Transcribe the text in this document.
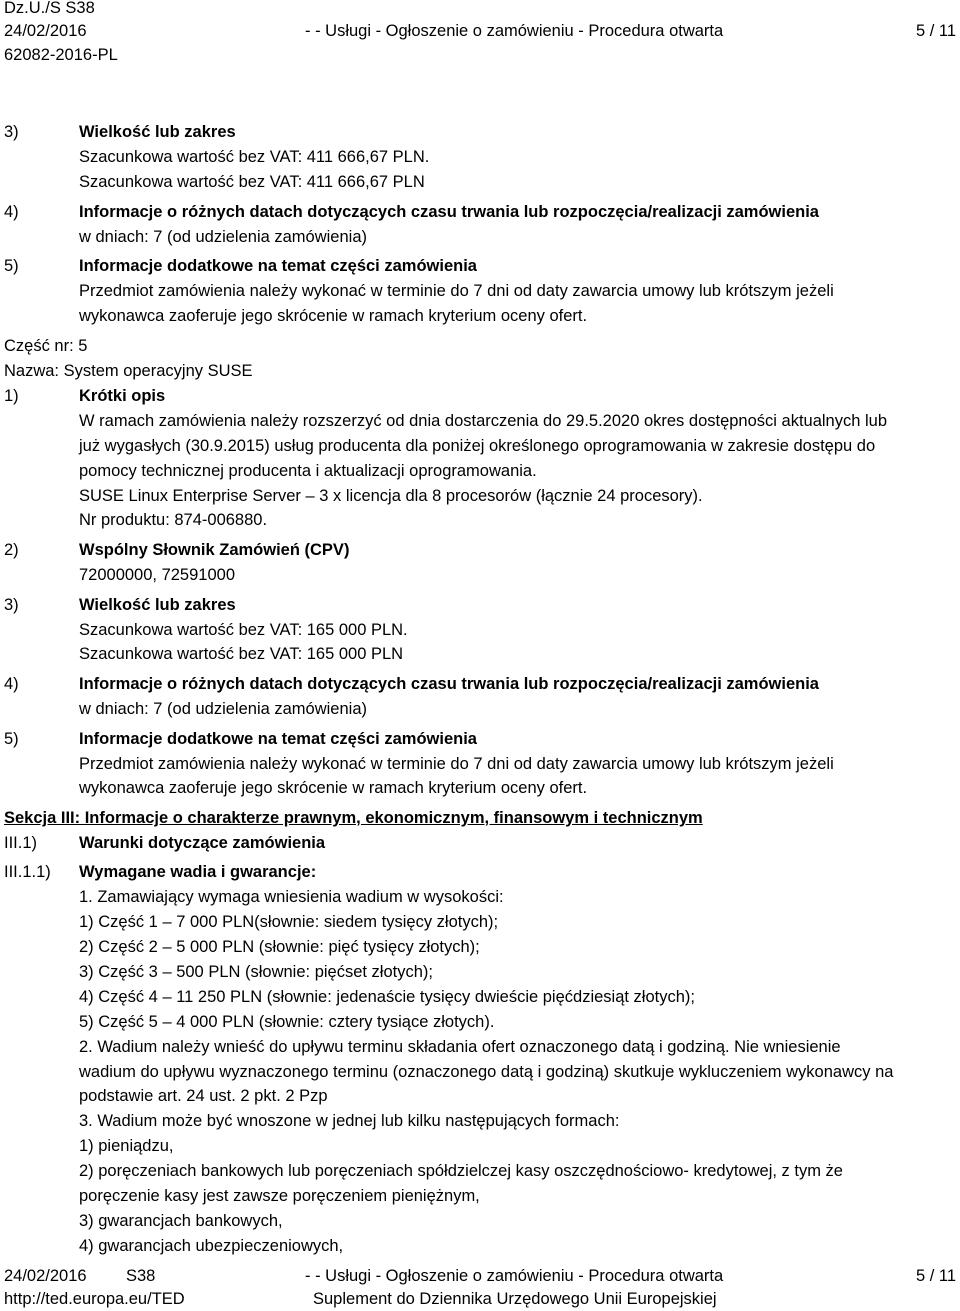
Dz.U./S S38
24/02/2016	- - Usługi - Ogłoszenie o zamówieniu - Procedura otwarta	5 / 11
62082-2016-PL
3)	Wielkość lub zakres
Szacunkowa wartość bez VAT: 411 666,67 PLN.
Szacunkowa wartość bez VAT: 411 666,67 PLN
4)	Informacje o różnych datach dotyczących czasu trwania lub rozpoczęcia/realizacji zamówienia
w dniach: 7 (od udzielenia zamówienia)
5)	Informacje dodatkowe na temat części zamówienia
Przedmiot zamówienia należy wykonać w terminie do 7 dni od daty zawarcia umowy lub krótszym jeżeli
wykonawca zaoferuje jego skrócenie w ramach kryterium oceny ofert.
Część nr: 5
Nazwa: System operacyjny SUSE
1)	Krótki opis
W ramach zamówienia należy rozszerzyć od dnia dostarczenia do 29.5.2020 okres dostępności aktualnych lub
już wygasłych (30.9.2015) usług producenta dla poniżej określonego oprogramowania w zakresie dostępu do
pomocy technicznej producenta i aktualizacji oprogramowania.
SUSE Linux Enterprise Server – 3 x licencja dla 8 procesorów (łącznie 24 procesory).
Nr produktu: 874-006880.
2)	Wspólny Słownik Zamówień (CPV)
72000000, 72591000
3)	Wielkość lub zakres
Szacunkowa wartość bez VAT: 165 000 PLN.
Szacunkowa wartość bez VAT: 165 000 PLN
4)	Informacje o różnych datach dotyczących czasu trwania lub rozpoczęcia/realizacji zamówienia
w dniach: 7 (od udzielenia zamówienia)
5)	Informacje dodatkowe na temat części zamówienia
Przedmiot zamówienia należy wykonać w terminie do 7 dni od daty zawarcia umowy lub krótszym jeżeli
wykonawca zaoferuje jego skrócenie w ramach kryterium oceny ofert.
Sekcja III: Informacje o charakterze prawnym, ekonomicznym, finansowym i technicznym
III.1)	Warunki dotyczące zamówienia
III.1.1) Wymagane wadia i gwarancje:
1. Zamawiający wymaga wniesienia wadium w wysokości:
1) Część 1 – 7 000 PLN(słownie: siedem tysięcy złotych);
2) Część 2 – 5 000 PLN (słownie: pięć tysięcy złotych);
3) Część 3 – 500 PLN (słownie: pięćset złotych);
4) Część 4 – 11 250 PLN (słownie: jedenaście tysięcy dwieście pięćdziesiąt złotych);
5) Część 5 – 4 000 PLN (słownie: cztery tysiące złotych).
2. Wadium należy wnieść do upływu terminu składania ofert oznaczonego datą i godziną. Nie wniesienie
wadium do upływu wyznaczonego terminu (oznaczonego datą i godziną) skutkuje wykluczeniem wykonawcy na
podstawie art. 24 ust. 2 pkt. 2 Pzp
3. Wadium może być wnoszone w jednej lub kilku następujących formach:
1) pieniądzu,
2) poręczeniach bankowych lub poręczeniach spółdzielczej kasy oszczędnościowo- kredytowej, z tym że
poręczenie kasy jest zawsze poręczeniem pieniężnym,
3) gwarancjach bankowych,
4) gwarancjach ubezpieczeniowych,
24/02/2016 S38	- - Usługi - Ogłoszenie o zamówieniu - Procedura otwarta	5 / 11
http://ted.europa.eu/TED	Suplement do Dziennika Urzędowego Unii Europejskiej
